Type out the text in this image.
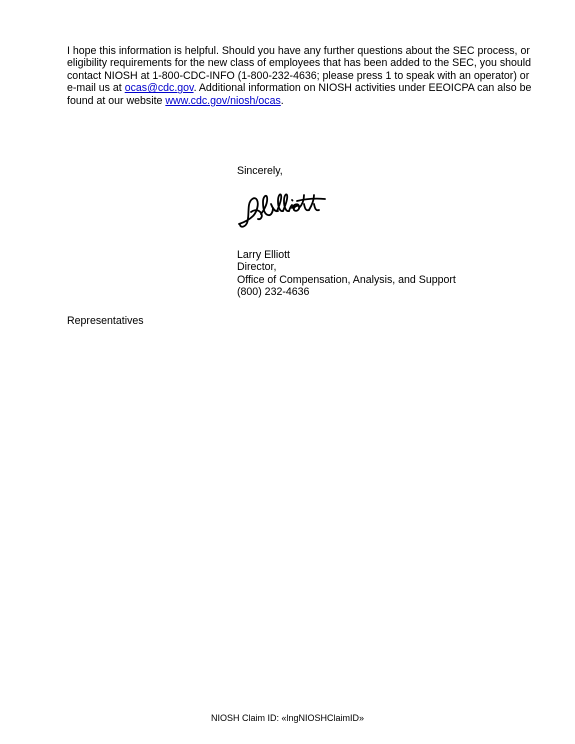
I hope this information is helpful. Should you have any further questions about the SEC process, or eligibility requirements for the new class of employees that has been added to the SEC, you should contact NIOSH at 1-800-CDC-INFO (1-800-232-4636; please press 1 to speak with an operator) or e-mail us at ocas@cdc.gov. Additional information on NIOSH activities under EEOICPA can also be found at our website www.cdc.gov/niosh/ocas.
Sincerely,
Larry Elliott
Director,
Office of Compensation, Analysis, and Support
(800) 232-4636
Representatives
NIOSH Claim ID: «lngNIOSHClaimID»
